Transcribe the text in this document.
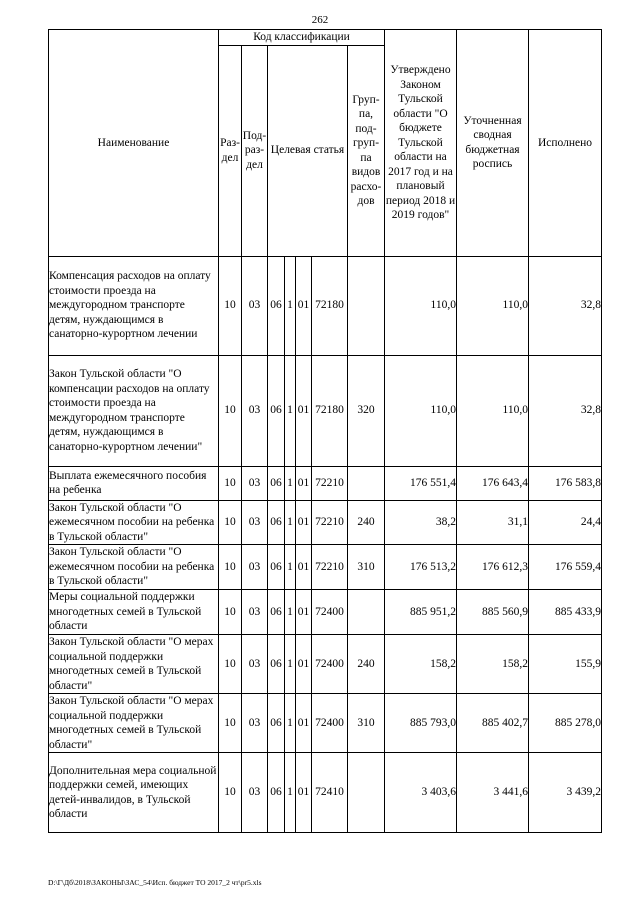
262
Наименование	Код классификации							Утверждено Законом Тульской области "О бюджете Тульской области на 2017 год и на плановый период 2018 и 2019 годов"	Уточненная сводная бюджетная роспись	Исполнено
	Раз-дел	Под-раз-дел	Целевая статья				Груп-па, под-груп-па видов расхо-дов			
Компенсация расходов на оплату стоимости проезда на междугородном транспорте детям, нуждающимся в санаторно-курортном лечении	10	03	06	1	01	72180		110,0	110,0	32,8
Закон Тульской области "О компенсации расходов на оплату стоимости проезда на междугородном транспорте детям, нуждающимся в санаторно-курортном лечении"	10	03	06	1	01	72180	320	110,0	110,0	32,8
Выплата ежемесячного пособия на ребенка	10	03	06	1	01	72210		176 551,4	176 643,4	176 583,8
Закон Тульской области "О ежемесячном пособии на ребенка в Тульской области"	10	03	06	1	01	72210	240	38,2	31,1	24,4
Закон Тульской области "О ежемесячном пособии на ребенка в Тульской области"	10	03	06	1	01	72210	310	176 513,2	176 612,3	176 559,4
Меры социальной поддержки многодетных семей в Тульской области	10	03	06	1	01	72400		885 951,2	885 560,9	885 433,9
Закон Тульской области "О мерах социальной поддержки многодетных семей в Тульской области"	10	03	06	1	01	72400	240	158,2	158,2	155,9
Закон Тульской области "О мерах социальной поддержки многодетных семей в Тульской области"	10	03	06	1	01	72400	310	885 793,0	885 402,7	885 278,0
Дополнительная мера социальной поддержки семей, имеющих детей-инвалидов, в Тульской области	10	03	06	1	01	72410		3 403,6	3 441,6	3 439,2
D:\Г\Дб\2018\ЗАКОНЫ\ЗАС_54\Исп. бюджет ТО 2017_2 чт\pr5.xls
